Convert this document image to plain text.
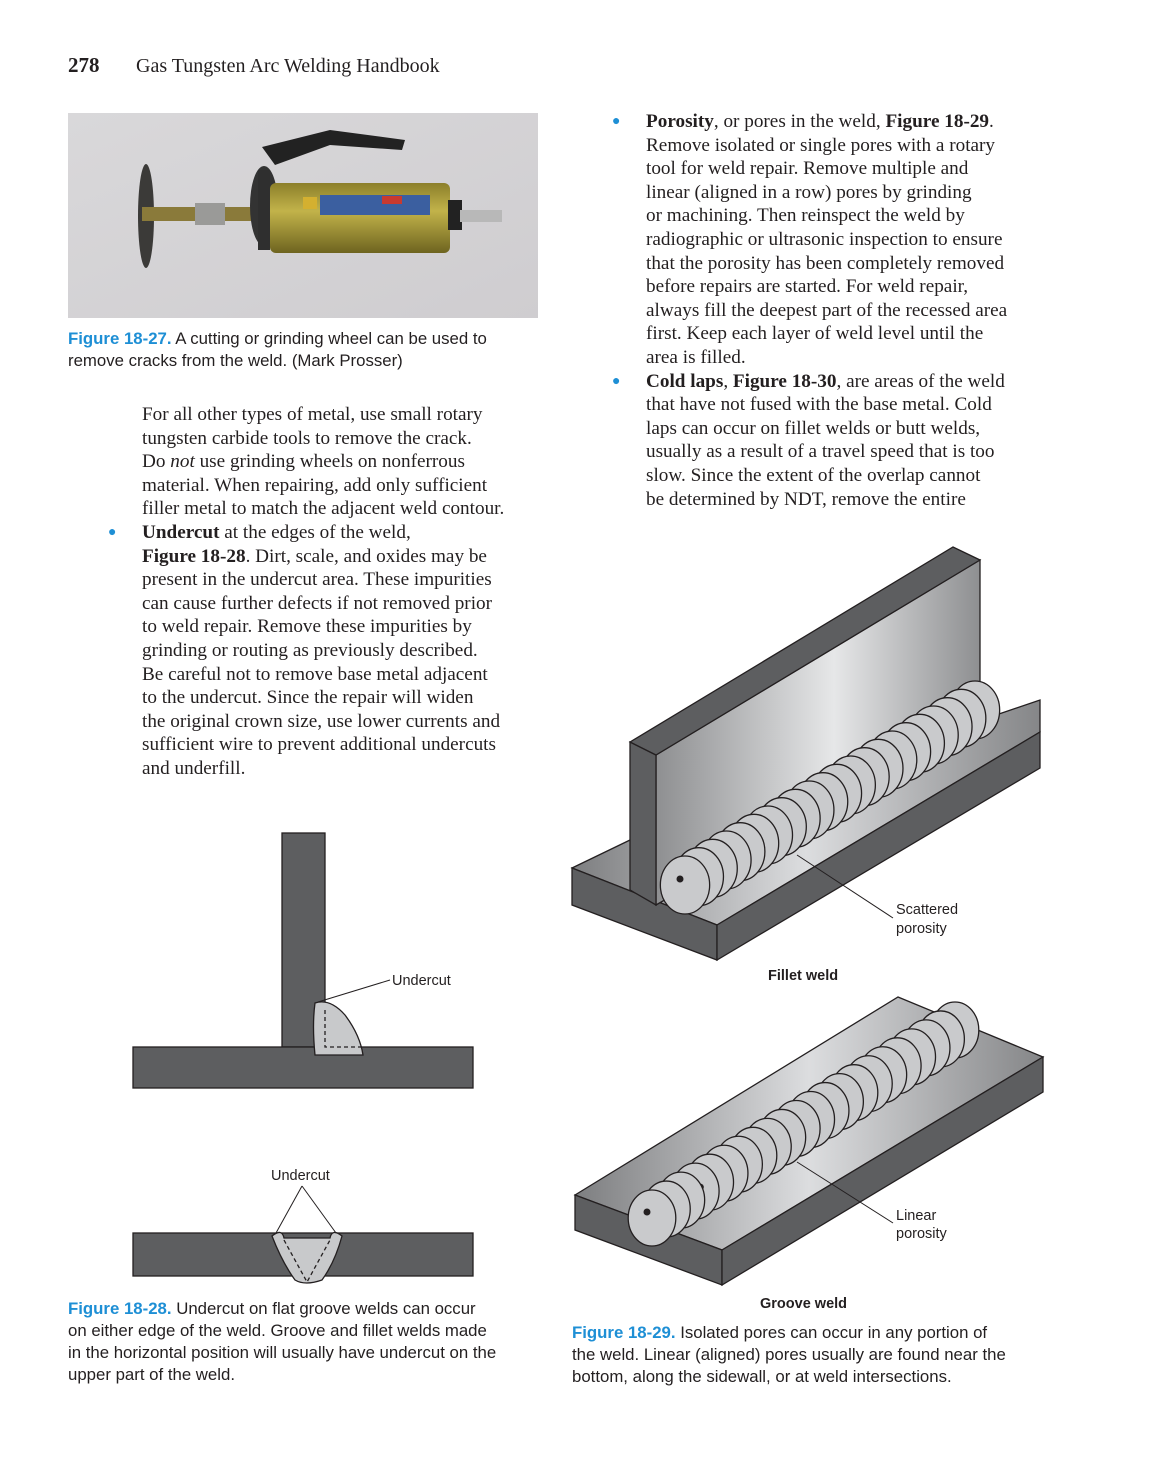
278 Gas Tungsten Arc Welding Handbook
Undercut
Undercut
Scattered
porosity
Fillet weld
Linear
porosity
Groove weld
Figure 18-27. A cutting or grinding wheel can be used to
remove cracks from the weld. (Mark Prosser)
For all other types of metal, use small rotary
tungsten carbide tools to remove the crack.
Do not use grinding wheels on nonferrous
material. When repairing, add only sufficient
filler metal to match the adjacent weld contour.
● Undercut at the edges of the weld,
Figure 18-28. Dirt, scale, and oxides may be
present in the undercut area. These impurities
can cause further defects if not removed prior
to weld repair. Remove these impurities by
grinding or routing as previously described.
Be careful not to remove base metal adjacent
to the undercut. Since the repair will widen
the original crown size, use lower currents and
sufficient wire to prevent additional undercuts
and underfill.
● Porosity, or pores in the weld, Figure 18-29.
Remove isolated or single pores with a rotary
tool for weld repair. Remove multiple and
linear (aligned in a row) pores by grinding
or machining. Then reinspect the weld by
radiographic or ultrasonic inspection to ensure
that the porosity has been completely removed
before repairs are started. For weld repair,
always fill the deepest part of the recessed area
first. Keep each layer of weld level until the
area is filled.
● Cold laps, Figure 18-30, are areas of the weld
that have not fused with the base metal. Cold
laps can occur on fillet welds or butt welds,
usually as a result of a travel speed that is too
slow. Since the extent of the overlap cannot
be determined by NDT, remove the entire
Figure 18-28. Undercut on flat groove welds can occur
on either edge of the weld. Groove and fillet welds made
in the horizontal position will usually have undercut on the
upper part of the weld.
Figure 18-29. Isolated pores can occur in any portion of
the weld. Linear (aligned) pores usually are found near the
bottom, along the sidewall, or at weld intersections.
